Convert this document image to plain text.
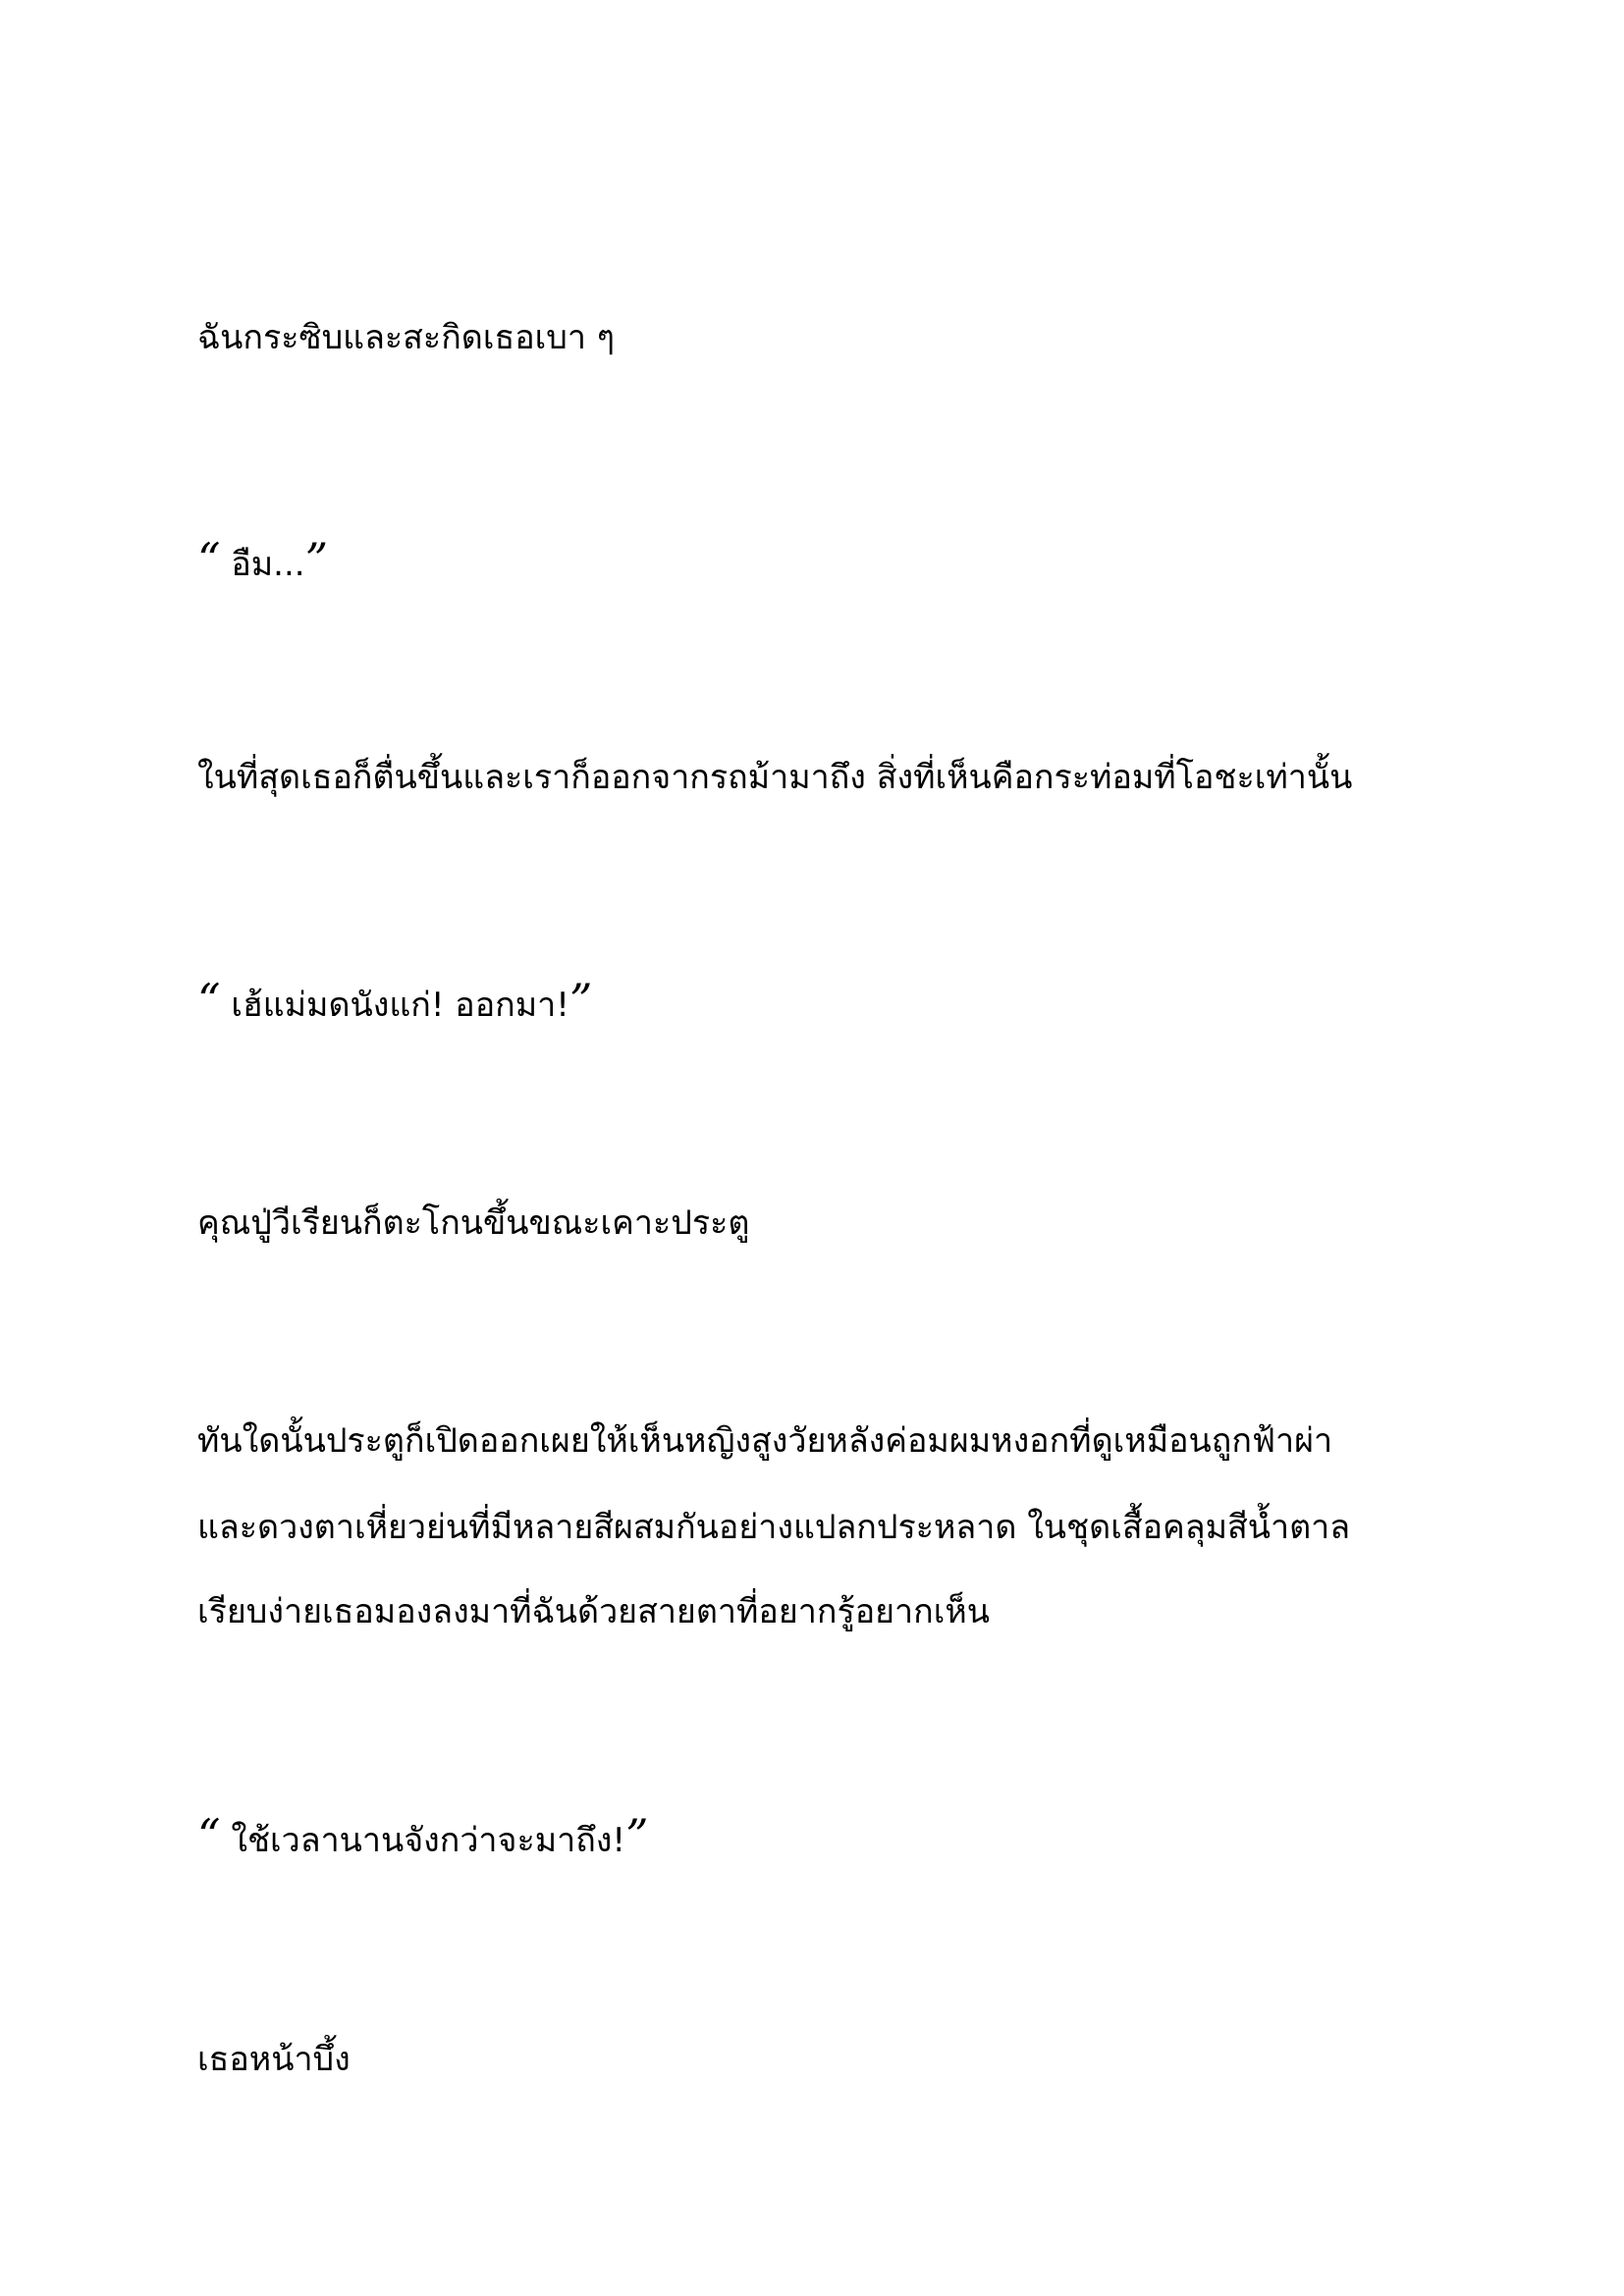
ฉันกระซิบและสะกิดเธอเบา ๆ

“ อืม...”

ในที่สุดเธอก็ตื่นขึ้นและเราก็ออกจากรถม้ามาถึง สิ่งที่เห็นคือกระท่อมที่โอชะเท่านั้น

“ เฮ้แม่มดนังแก่! ออกมา!”

คุณปู่วีเรียนก็ตะโกนขึ้นขณะเคาะประตู

ทันใดนั้นประตูก็เปิดออกเผยให้เห็นหญิงสูงวัยหลังค่อมผมหงอกที่ดูเหมือนถูกฟ้าผ่า

และดวงตาเหี่ยวย่นที่มีหลายสีผสมกันอย่างแปลกประหลาด ในชุดเสื้อคลุมสีน้ำตาล

เรียบง่ายเธอมองลงมาที่ฉันด้วยสายตาที่อยากรู้อยากเห็น

“ ใช้เวลานานจังกว่าจะมาถึง!”

เธอหน้าบึ้ง
